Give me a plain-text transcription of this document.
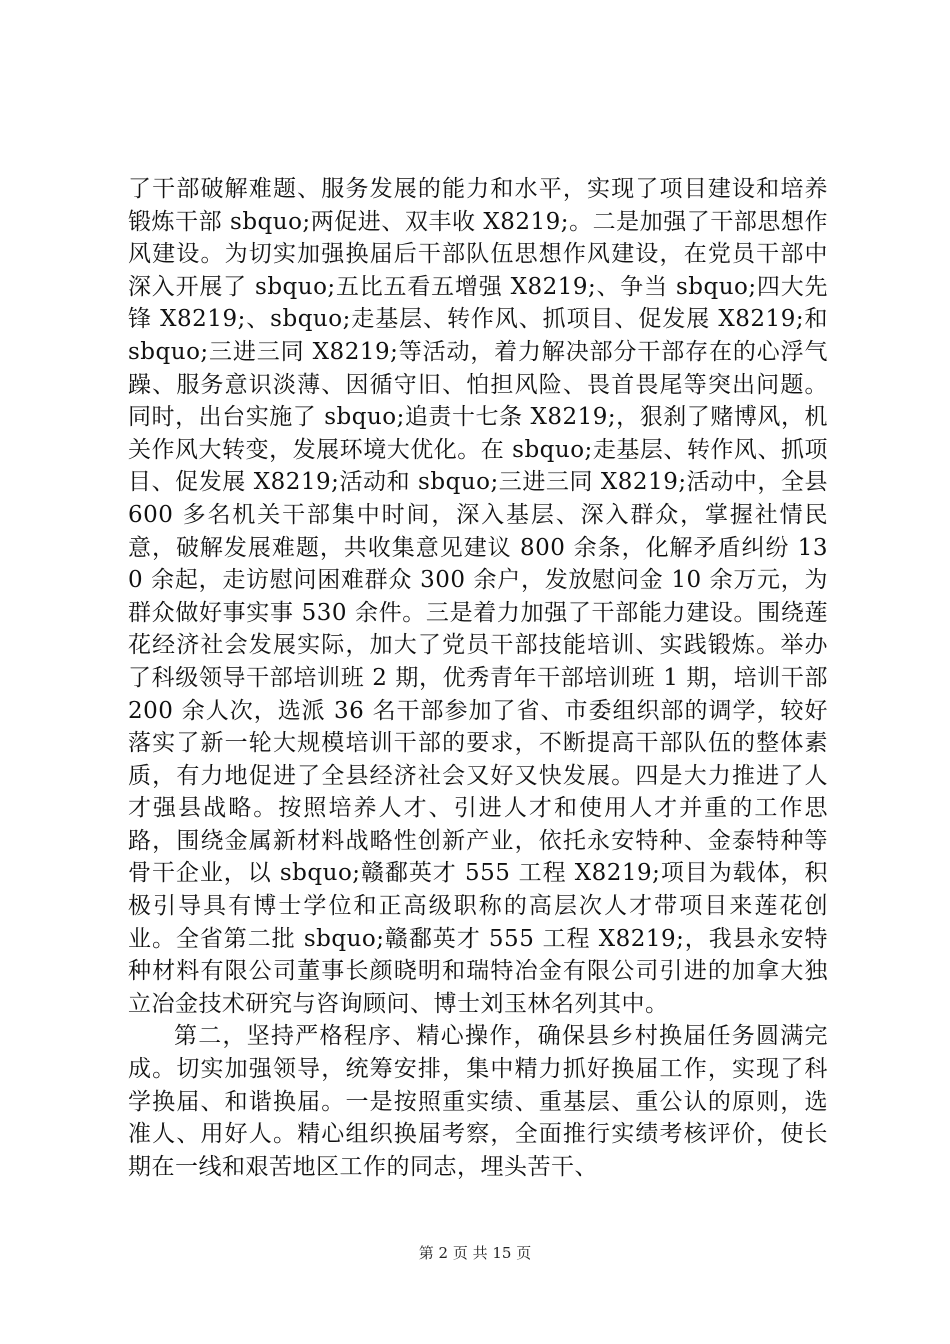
了干部破解难题、服务发展的能力和水平，实现了项目建设和培养锻炼干部 sbquo;两促进、双丰收 X8219;。二是加强了干部思想作风建设。为切实加强换届后干部队伍思想作风建设，在党员干部中深入开展了 sbquo;五比五看五增强 X8219;、争当 sbquo;四大先锋 X8219;、sbquo;走基层、转作风、抓项目、促发展 X8219;和 sbquo;三进三同 X8219;等活动，着力解决部分干部存在的心浮气躁、服务意识淡薄、因循守旧、怕担风险、畏首畏尾等突出问题。同时，出台实施了 sbquo;追责十七条 X8219;，狠刹了赌博风，机关作风大转变，发展环境大优化。在 sbquo;走基层、转作风、抓项目、促发展 X8219;活动和 sbquo;三进三同 X8219;活动中，全县 600 多名机关干部集中时间，深入基层、深入群众，掌握社情民意，破解发展难题，共收集意见建议 800 余条，化解矛盾纠纷 130 余起，走访慰问困难群众 300 余户，发放慰问金 10 余万元，为群众做好事实事 530 余件。三是着力加强了干部能力建设。围绕莲花经济社会发展实际，加大了党员干部技能培训、实践锻炼。举办了科级领导干部培训班 2 期，优秀青年干部培训班 1 期，培训干部 200 余人次，选派 36 名干部参加了省、市委组织部的调学，较好落实了新一轮大规模培训干部的要求，不断提高干部队伍的整体素质，有力地促进了全县经济社会又好又快发展。四是大力推进了人才强县战略。按照培养人才、引进人才和使用人才并重的工作思路，围绕金属新材料战略性创新产业，依托永安特种、金泰特种等骨干企业，以 sbquo;赣鄱英才 555 工程 X8219;项目为载体，积极引导具有博士学位和正高级职称的高层次人才带项目来莲花创业。全省第二批 sbquo;赣鄱英才 555 工程 X8219;，我县永安特种材料有限公司董事长颜晓明和瑞特冶金有限公司引进的加拿大独立冶金技术研究与咨询顾问、博士刘玉林名列其中。

第二，坚持严格程序、精心操作，确保县乡村换届任务圆满完成。切实加强领导，统筹安排，集中精力抓好换届工作，实现了科学换届、和谐换届。一是按照重实绩、重基层、重公认的原则，选准人、用好人。精心组织换届考察，全面推行实绩考核评价，使长期在一线和艰苦地区工作的同志，埋头苦干、

第 2 页 共 15 页
